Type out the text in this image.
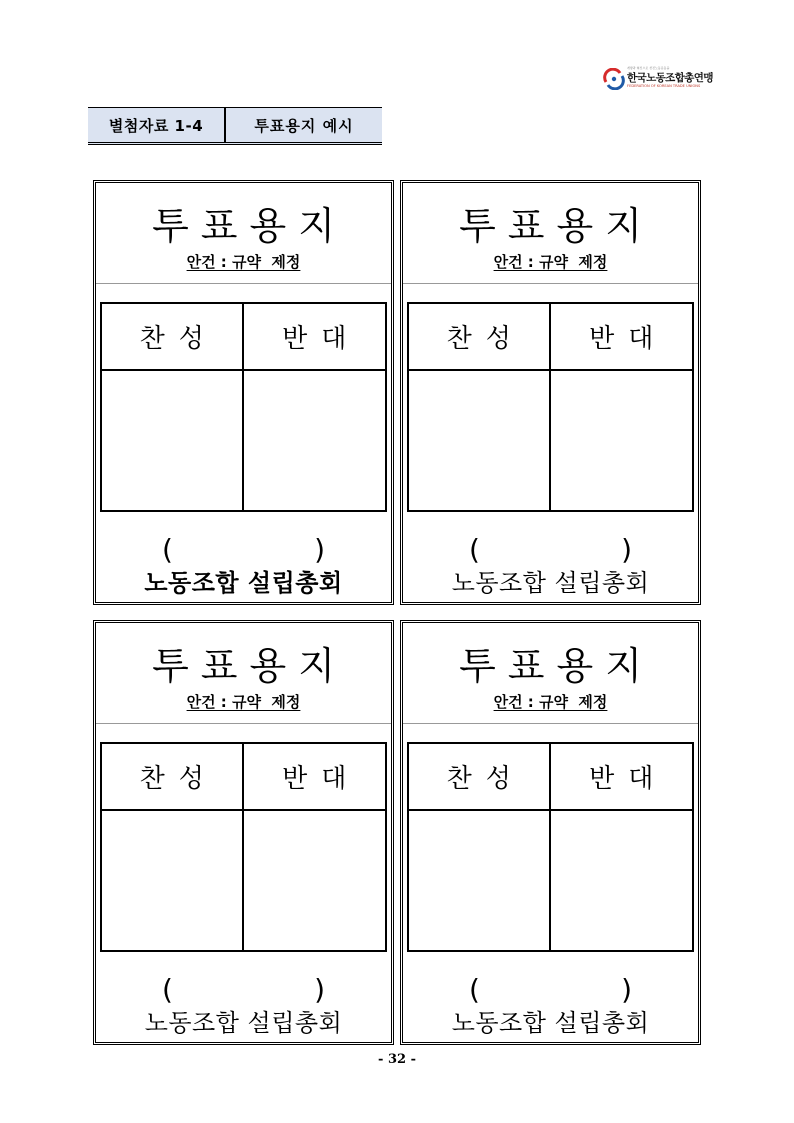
개방과 혁신으로 선진노동운동을
한국노동조합총연맹
FEDERATION OF KOREAN TRADE UNIONS
별첨자료 1-4	투표용지 예시
투표용지
안건 : 규약  제정
찬성	반대
(	)
노동조합 설립총회
투표용지
안건 : 규약  제정
찬성	반대
(	)
노동조합 설립총회
투표용지
안건 : 규약  제정
찬성	반대
(	)
노동조합 설립총회
투표용지
안건 : 규약  제정
찬성	반대
(	)
노동조합 설립총회
- 32 -
